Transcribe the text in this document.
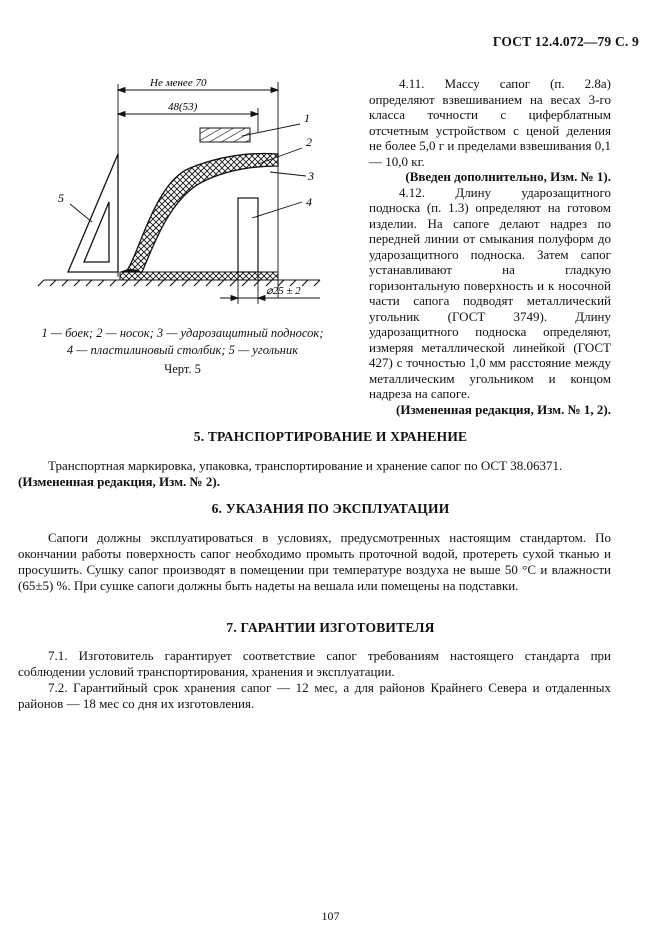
ГОСТ 12.4.072—79 С. 9
Не менее 70
48(53)
⌀25 ± 2
1
2
3
4
5
1 — боек; 2 — носок; 3 — ударозащитный подносок;
4 — пластилиновый столбик; 5 — угольник
Черт. 5

4.11. Массу сапог (п. 2.8а) определяют взвешиванием на весах 3-го класса точности с циферблатным отсчетным устройством с ценой деления не более 5,0 г и пределами взвешивания 0,1— 10,0 кг.

(Введен дополнительно, Изм. № 1).

4.12. Длину ударозащитного подноска (п. 1.3) определяют на готовом изделии. На сапоге делают надрез по передней линии от смыкания полуформ до ударозащитного подноска. Затем сапог устанавливают на гладкую горизонтальную поверхность и к носочной части сапога подводят металлический угольник (ГОСТ 3749). Длину ударозащитного подноска определяют, измеряя металлической линейкой (ГОСТ 427) с точностью 1,0 мм расстояние между металлическим угольником и концом надреза на сапоге.

(Измененная редакция, Изм. № 1, 2).

5. ТРАНСПОРТИРОВАНИЕ И ХРАНЕНИЕ

Транспортная маркировка, упаковка, транспортирование и хранение сапог по ОСТ 38.06371.

(Измененная редакция, Изм. № 2).

6. УКАЗАНИЯ ПО ЭКСПЛУАТАЦИИ

Сапоги должны эксплуатироваться в условиях, предусмотренных настоящим стандартом. По окончании работы поверхность сапог необходимо промыть проточной водой, протереть сухой тканью и просушить. Сушку сапог производят в помещении при температуре воздуха не выше 50 °С и влажности (65±5) %. При сушке сапоги должны быть надеты на вешала или помещены на подставки.

7. ГАРАНТИИ ИЗГОТОВИТЕЛЯ

7.1. Изготовитель гарантирует соответствие сапог требованиям настоящего стандарта при соблюдении условий транспортирования, хранения и эксплуатации.

7.2. Гарантийный срок хранения сапог — 12 мес, а для районов Крайнего Севера и отдаленных районов — 18 мес со дня их изготовления.

107
